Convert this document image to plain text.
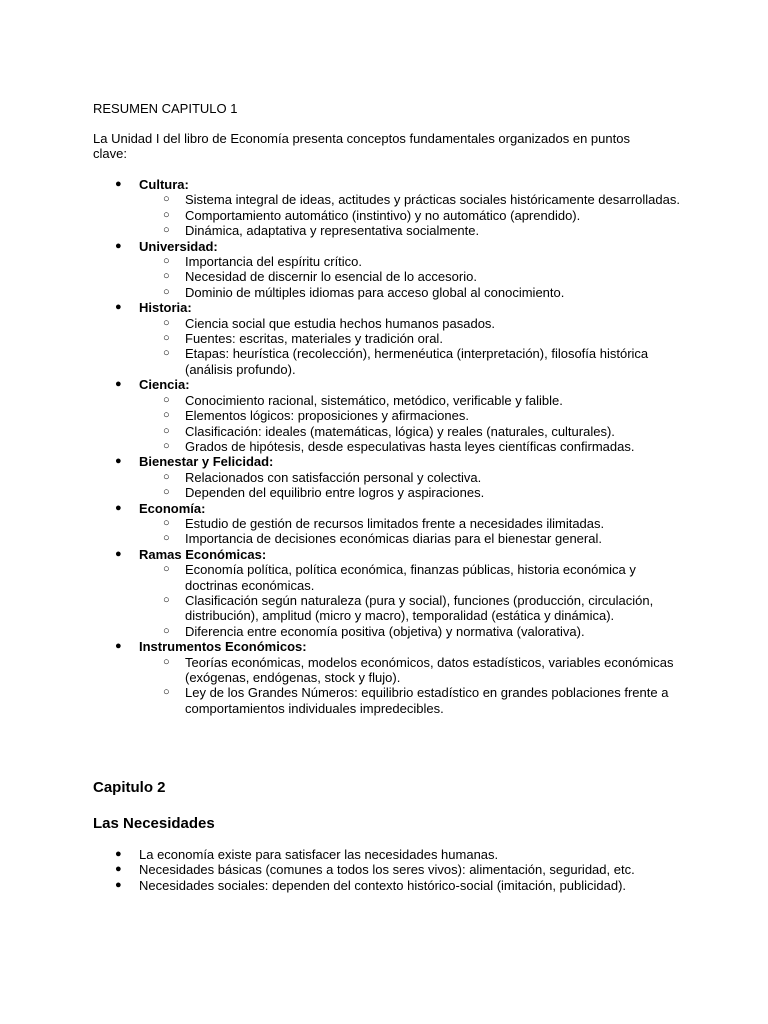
RESUMEN CAPITULO 1
La Unidad I del libro de Economía presenta conceptos fundamentales organizados en puntos clave:
● Cultura:
○ Sistema integral de ideas, actitudes y prácticas sociales históricamente desarrolladas.
○ Comportamiento automático (instintivo) y no automático (aprendido).
○ Dinámica, adaptativa y representativa socialmente.
● Universidad:
○ Importancia del espíritu crítico.
○ Necesidad de discernir lo esencial de lo accesorio.
○ Dominio de múltiples idiomas para acceso global al conocimiento.
● Historia:
○ Ciencia social que estudia hechos humanos pasados.
○ Fuentes: escritas, materiales y tradición oral.
○ Etapas: heurística (recolección), hermenéutica (interpretación), filosofía histórica (análisis profundo).
● Ciencia:
○ Conocimiento racional, sistemático, metódico, verificable y falible.
○ Elementos lógicos: proposiciones y afirmaciones.
○ Clasificación: ideales (matemáticas, lógica) y reales (naturales, culturales).
○ Grados de hipótesis, desde especulativas hasta leyes científicas confirmadas.
● Bienestar y Felicidad:
○ Relacionados con satisfacción personal y colectiva.
○ Dependen del equilibrio entre logros y aspiraciones.
● Economía:
○ Estudio de gestión de recursos limitados frente a necesidades ilimitadas.
○ Importancia de decisiones económicas diarias para el bienestar general.
● Ramas Económicas:
○ Economía política, política económica, finanzas públicas, historia económica y doctrinas económicas.
○ Clasificación según naturaleza (pura y social), funciones (producción, circulación, distribución), amplitud (micro y macro), temporalidad (estática y dinámica).
○ Diferencia entre economía positiva (objetiva) y normativa (valorativa).
● Instrumentos Económicos:
○ Teorías económicas, modelos económicos, datos estadísticos, variables económicas (exógenas, endógenas, stock y flujo).
○ Ley de los Grandes Números: equilibrio estadístico en grandes poblaciones frente a comportamientos individuales impredecibles.
Capitulo 2
Las Necesidades
● La economía existe para satisfacer las necesidades humanas.
● Necesidades básicas (comunes a todos los seres vivos): alimentación, seguridad, etc.
● Necesidades sociales: dependen del contexto histórico-social (imitación, publicidad).
